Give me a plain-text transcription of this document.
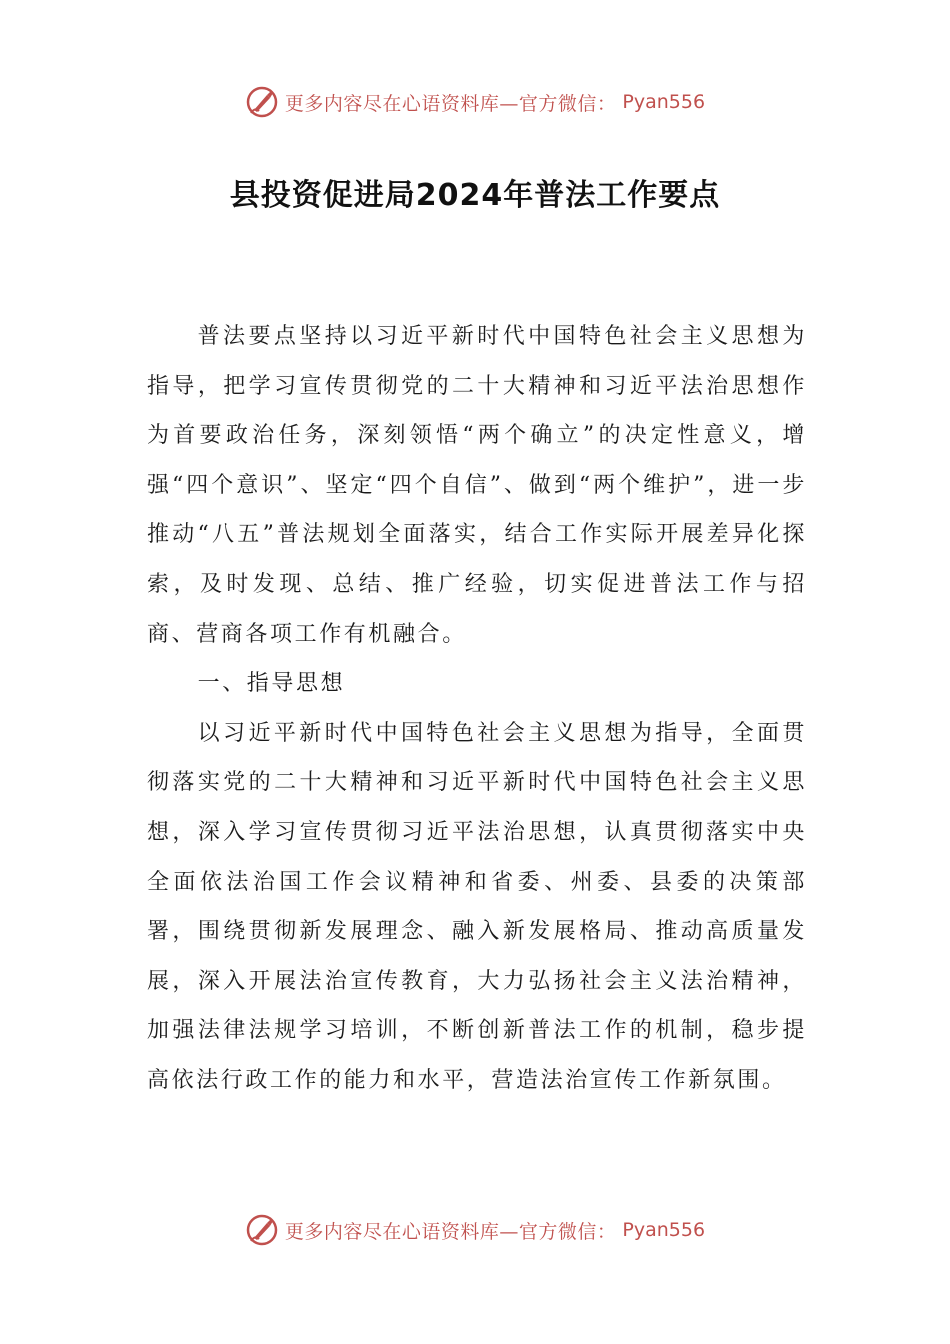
更多内容尽在心语资料库—官方微信： Pyan556
县投资促进局2024年普法工作要点

普法要点坚持以习近平新时代中国特色社会主义思想为指导，把学习宣传贯彻党的二十大精神和习近平法治思想作为首要政治任务，深刻领悟“两个确立”的决定性意义，增强“四个意识”、坚定“四个自信”、做到“两个维护”，进一步推动“八五”普法规划全面落实，结合工作实际开展差异化探索，及时发现、总结、推广经验，切实促进普法工作与招商、营商各项工作有机融合。

一、指导思想

以习近平新时代中国特色社会主义思想为指导，全面贯彻落实党的二十大精神和习近平新时代中国特色社会主义思想，深入学习宣传贯彻习近平法治思想，认真贯彻落实中央全面依法治国工作会议精神和省委、州委、县委的决策部署，围绕贯彻新发展理念、融入新发展格局、推动高质量发展，深入开展法治宣传教育，大力弘扬社会主义法治精神，加强法律法规学习培训，不断创新普法工作的机制，稳步提高依法行政工作的能力和水平，营造法治宣传工作新氛围。

更多内容尽在心语资料库—官方微信： Pyan556
